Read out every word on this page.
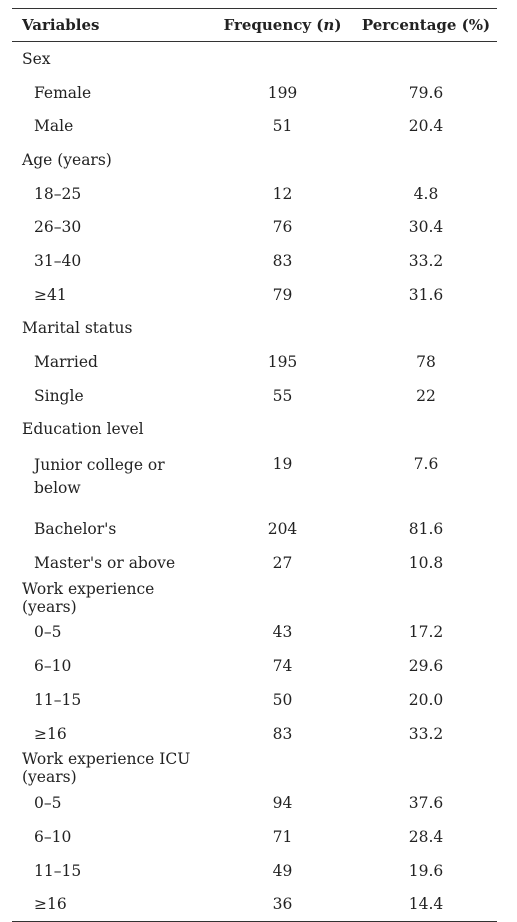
Variables	Frequency (n)	Percentage (%)
Sex		
Female	199	79.6
Male	51	20.4
Age (years)		
18–25	12	4.8
26–30	76	30.4
31–40	83	33.2
≥41	79	31.6
Marital status		
Married	195	78
Single	55	22
Education level		
Junior college or below	19	7.6
Bachelor's	204	81.6
Master's or above	27	10.8
Work experience (years)		
0–5	43	17.2
6–10	74	29.6
11–15	50	20.0
≥16	83	33.2
Work experience ICU (years)		
0–5	94	37.6
6–10	71	28.4
11–15	49	19.6
≥16	36	14.4
